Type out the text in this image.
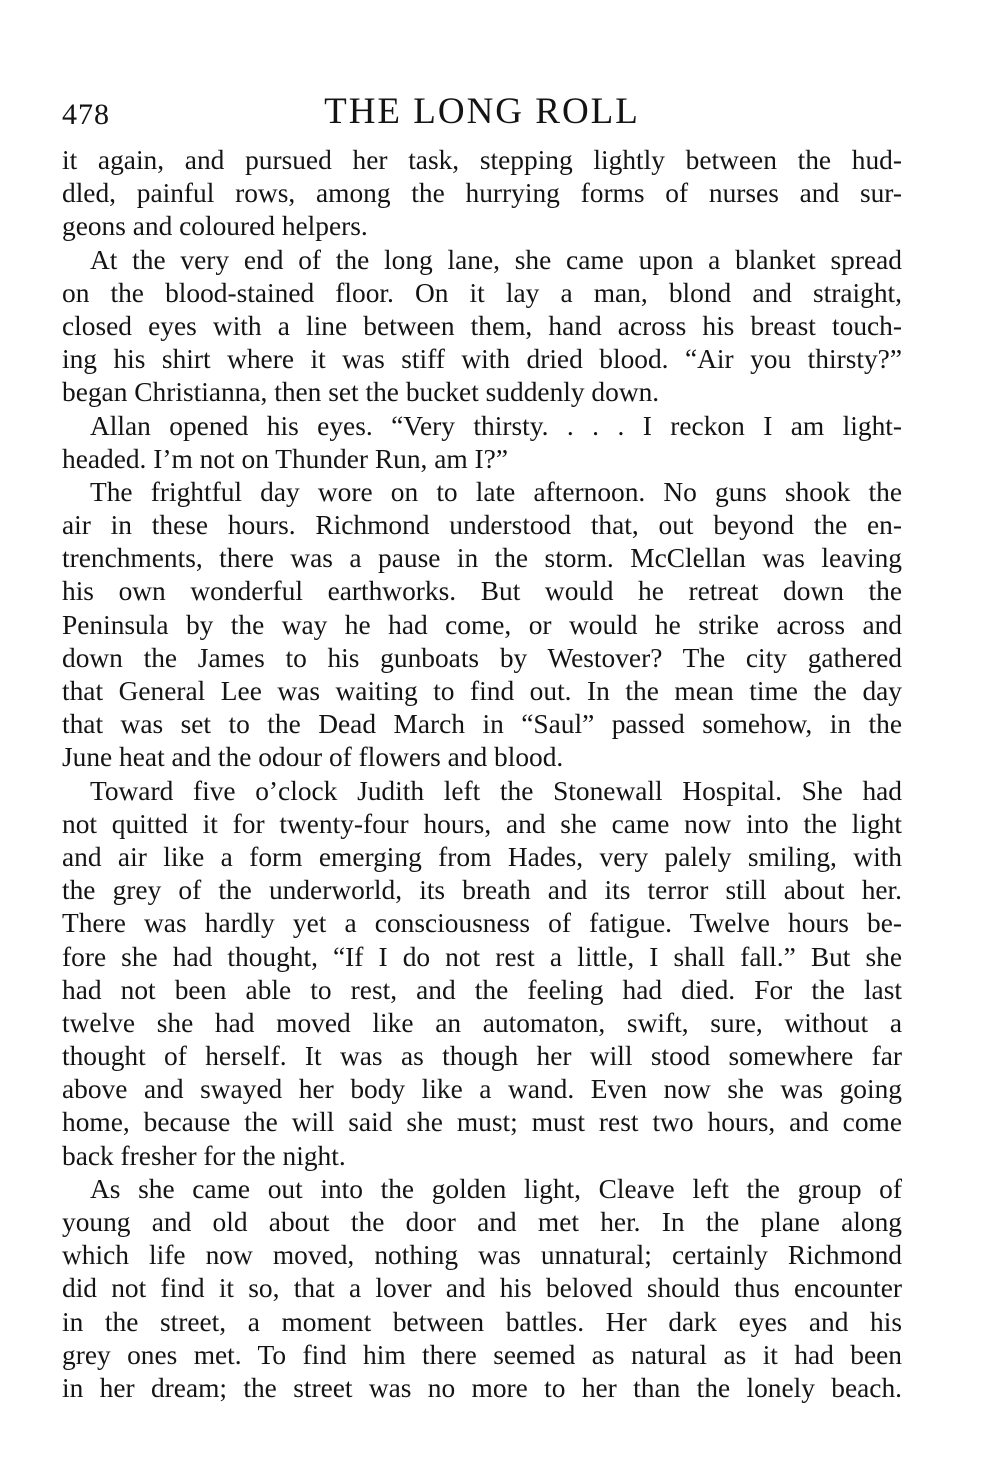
478	THE LONG ROLL
it again, and pursued her task, stepping lightly between the hud-
dled, painful rows, among the hurrying forms of nurses and sur-
geons and coloured helpers.
At the very end of the long lane, she came upon a blanket spread
on the blood-stained floor. On it lay a man, blond and straight,
closed eyes with a line between them, hand across his breast touch-
ing his shirt where it was stiff with dried blood. “Air you thirsty?”
began Christianna, then set the bucket suddenly down.
Allan opened his eyes. “Very thirsty. . . . I reckon I am light-
headed. I’m not on Thunder Run, am I?”
The frightful day wore on to late afternoon. No guns shook the
air in these hours. Richmond understood that, out beyond the en-
trenchments, there was a pause in the storm. McClellan was leaving
his own wonderful earthworks. But would he retreat down the
Peninsula by the way he had come, or would he strike across and
down the James to his gunboats by Westover? The city gathered
that General Lee was waiting to find out. In the mean time the day
that was set to the Dead March in “Saul” passed somehow, in the
June heat and the odour of flowers and blood.
Toward five o’clock Judith left the Stonewall Hospital. She had
not quitted it for twenty-four hours, and she came now into the light
and air like a form emerging from Hades, very palely smiling, with
the grey of the underworld, its breath and its terror still about her.
There was hardly yet a consciousness of fatigue. Twelve hours be-
fore she had thought, “If I do not rest a little, I shall fall.” But she
had not been able to rest, and the feeling had died. For the last
twelve she had moved like an automaton, swift, sure, without a
thought of herself. It was as though her will stood somewhere far
above and swayed her body like a wand. Even now she was going
home, because the will said she must; must rest two hours, and come
back fresher for the night.
As she came out into the golden light, Cleave left the group of
young and old about the door and met her. In the plane along
which life now moved, nothing was unnatural; certainly Richmond
did not find it so, that a lover and his beloved should thus encounter
in the street, a moment between battles. Her dark eyes and his
grey ones met. To find him there seemed as natural as it had been
in her dream; the street was no more to her than the lonely beach.
